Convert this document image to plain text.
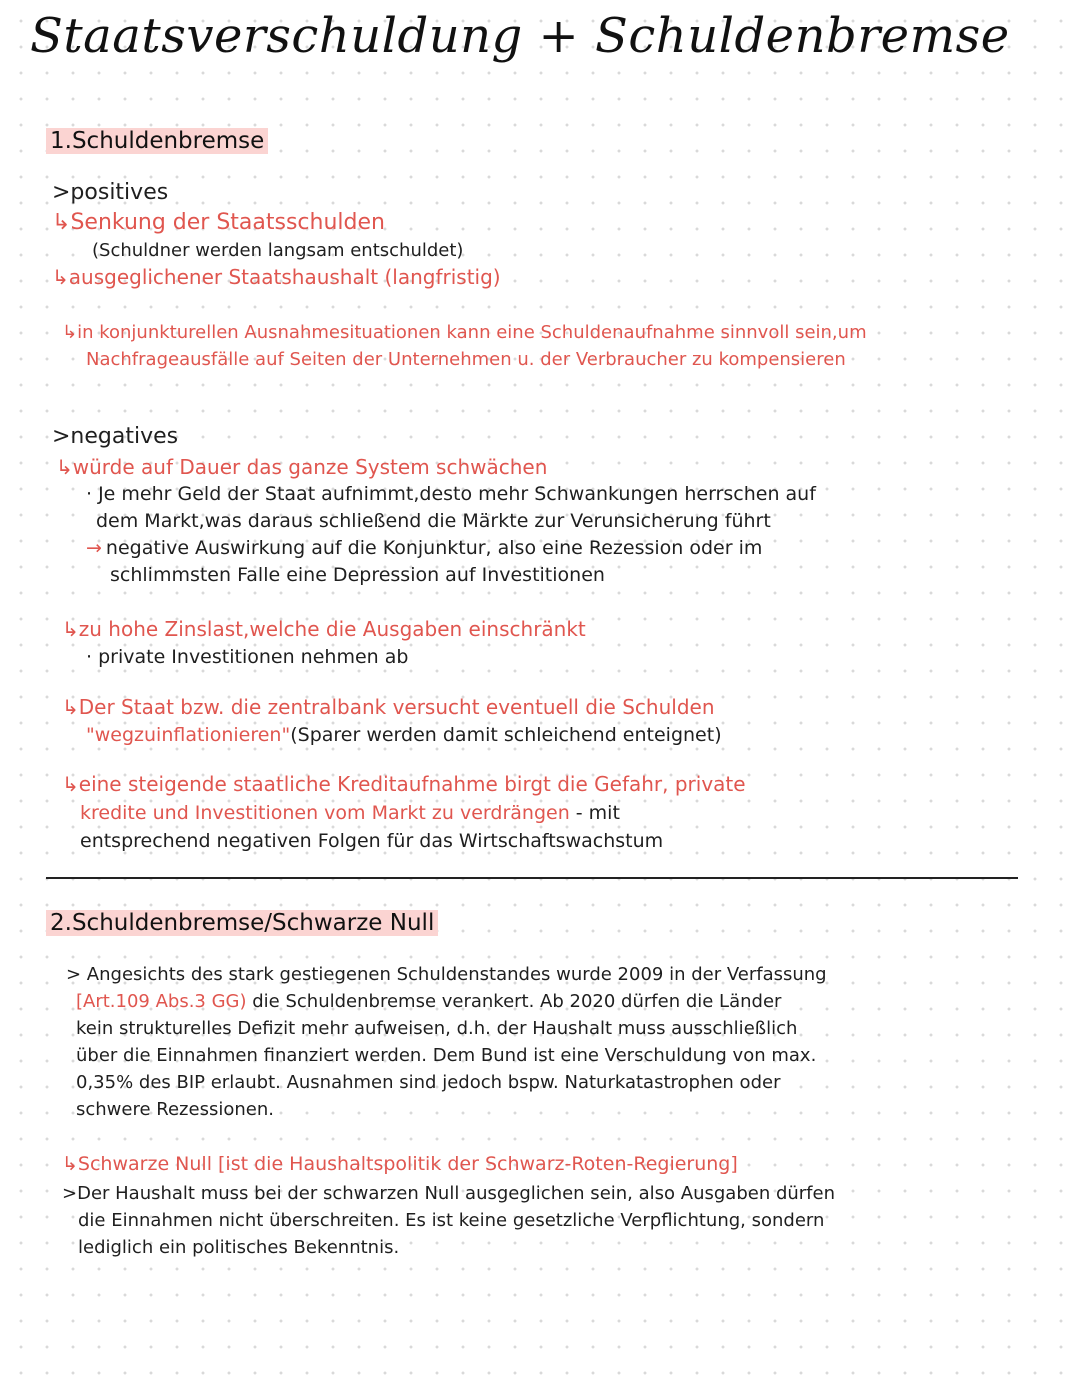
Staatsverschuldung + Schuldenbremse
1.Schuldenbremse
>positives
↳Senkung der Staatsschulden
(Schuldner werden langsam entschuldet)
↳ausgeglichener Staatshaushalt (langfristig)
↳in konjunkturellen Ausnahmesituationen kann eine Schuldenaufnahme sinnvoll sein,um
Nachfrageausfälle auf Seiten der Unternehmen u. der Verbraucher zu kompensieren
>negatives
↳würde auf Dauer das ganze System schwächen
· Je mehr Geld der Staat aufnimmt,desto mehr Schwankungen herrschen auf
dem Markt,was daraus schließend die Märkte zur Verunsicherung führt
→ negative Auswirkung auf die Konjunktur, also eine Rezession oder im
schlimmsten Falle eine Depression auf Investitionen
↳zu hohe Zinslast,welche die Ausgaben einschränkt
· private Investitionen nehmen ab
↳Der Staat bzw. die zentralbank versucht eventuell die Schulden
"wegzuinflationieren"(Sparer werden damit schleichend enteignet)
↳eine steigende staatliche Kreditaufnahme birgt die Gefahr, private
kredite und Investitionen vom Markt zu verdrängen - mit
entsprechend negativen Folgen für das Wirtschaftswachstum
2.Schuldenbremse/Schwarze Null
> Angesichts des stark gestiegenen Schuldenstandes wurde 2009 in der Verfassung
[Art.109 Abs.3 GG) die Schuldenbremse verankert. Ab 2020 dürfen die Länder
kein strukturelles Defizit mehr aufweisen, d.h. der Haushalt muss ausschließlich
über die Einnahmen finanziert werden. Dem Bund ist eine Verschuldung von max.
0,35% des BIP erlaubt. Ausnahmen sind jedoch bspw. Naturkatastrophen oder
schwere Rezessionen.
↳Schwarze Null [ist die Haushaltspolitik der Schwarz-Roten-Regierung]
>Der Haushalt muss bei der schwarzen Null ausgeglichen sein, also Ausgaben dürfen
die Einnahmen nicht überschreiten. Es ist keine gesetzliche Verpflichtung, sondern
lediglich ein politisches Bekenntnis.
